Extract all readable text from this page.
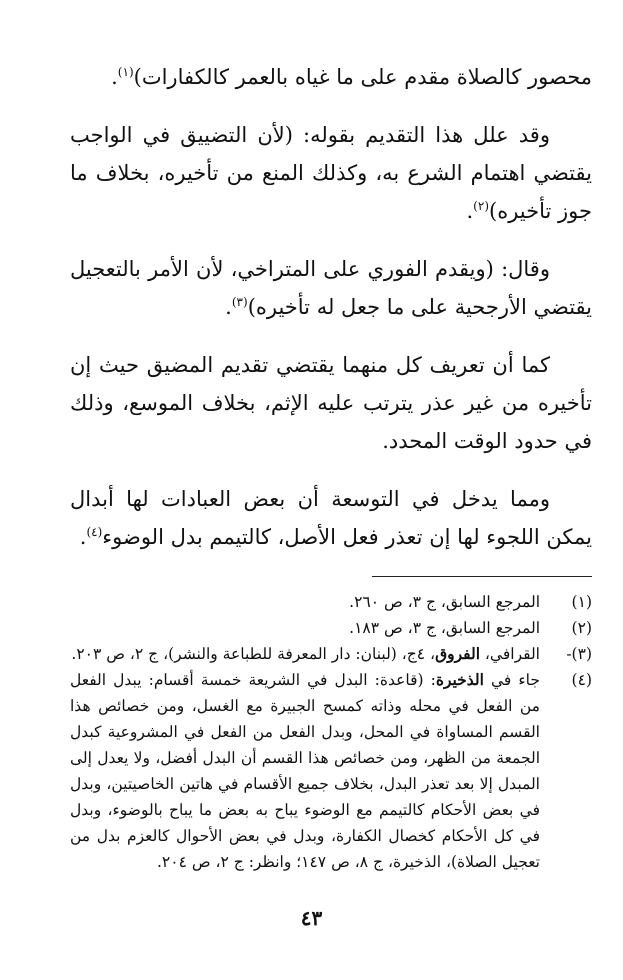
محصور كالصلاة مقدم على ما غياه بالعمر كالكفارات)$^{(١)}$.

وقد علل هذا التقديم بقوله: (لأن التضييق في الواجب يقتضي اهتمام الشرع به، وكذلك المنع من تأخيره، بخلاف ما جوز تأخيره)$^{(٢)}$.

وقال: (ويقدم الفوري على المتراخي، لأن الأمر بالتعجيل يقتضي الأرجحية على ما جعل له تأخيره)$^{(٣)}$.

كما أن تعريف كل منهما يقتضي تقديم المضيق حيث إن تأخيره من غير عذر يترتب عليه الإثم، بخلاف الموسع، وذلك في حدود الوقت المحدد.

ومما يدخل في التوسعة أن بعض العبادات لها أبدال يمكن اللجوء لها إن تعذر فعل الأصل، كالتيمم بدل الوضوء$^{(٤)}$.

(١)
المرجع السابق، ج ٣، ص ٢٦٠.

(٢)
المرجع السابق، ج ٣، ص ١٨٣.

(٣)-
القرافي، الفروق، ٤ج، (لبنان: دار المعرفة للطباعة والنشر)، ج ٢، ص ٢٠٣.

(٤)
جاء في الذخيرة: (قاعدة: البدل في الشريعة خمسة أقسام: يبدل الفعل من الفعل في محله وذاته كمسح الجبيرة مع الغسل، ومن خصائص هذا القسم المساواة في المحل، وبدل الفعل من الفعل في المشروعية كبدل الجمعة من الظهر، ومن خصائص هذا القسم أن البدل أفضل، ولا يعدل إلى المبدل إلا بعد تعذر البدل، بخلاف جميع الأقسام في هاتين الخاصيتين، وبدل في بعض الأحكام كالتيمم مع الوضوء يباح به بعض ما يباح بالوضوء، وبدل في كل الأحكام كخصال الكفارة، وبدل في بعض الأحوال كالعزم بدل من تعجيل الصلاة)، الذخيرة، ج ٨، ص ١٤٧؛ وانظر: ج ٢، ص ٢٠٤.

٤٣
